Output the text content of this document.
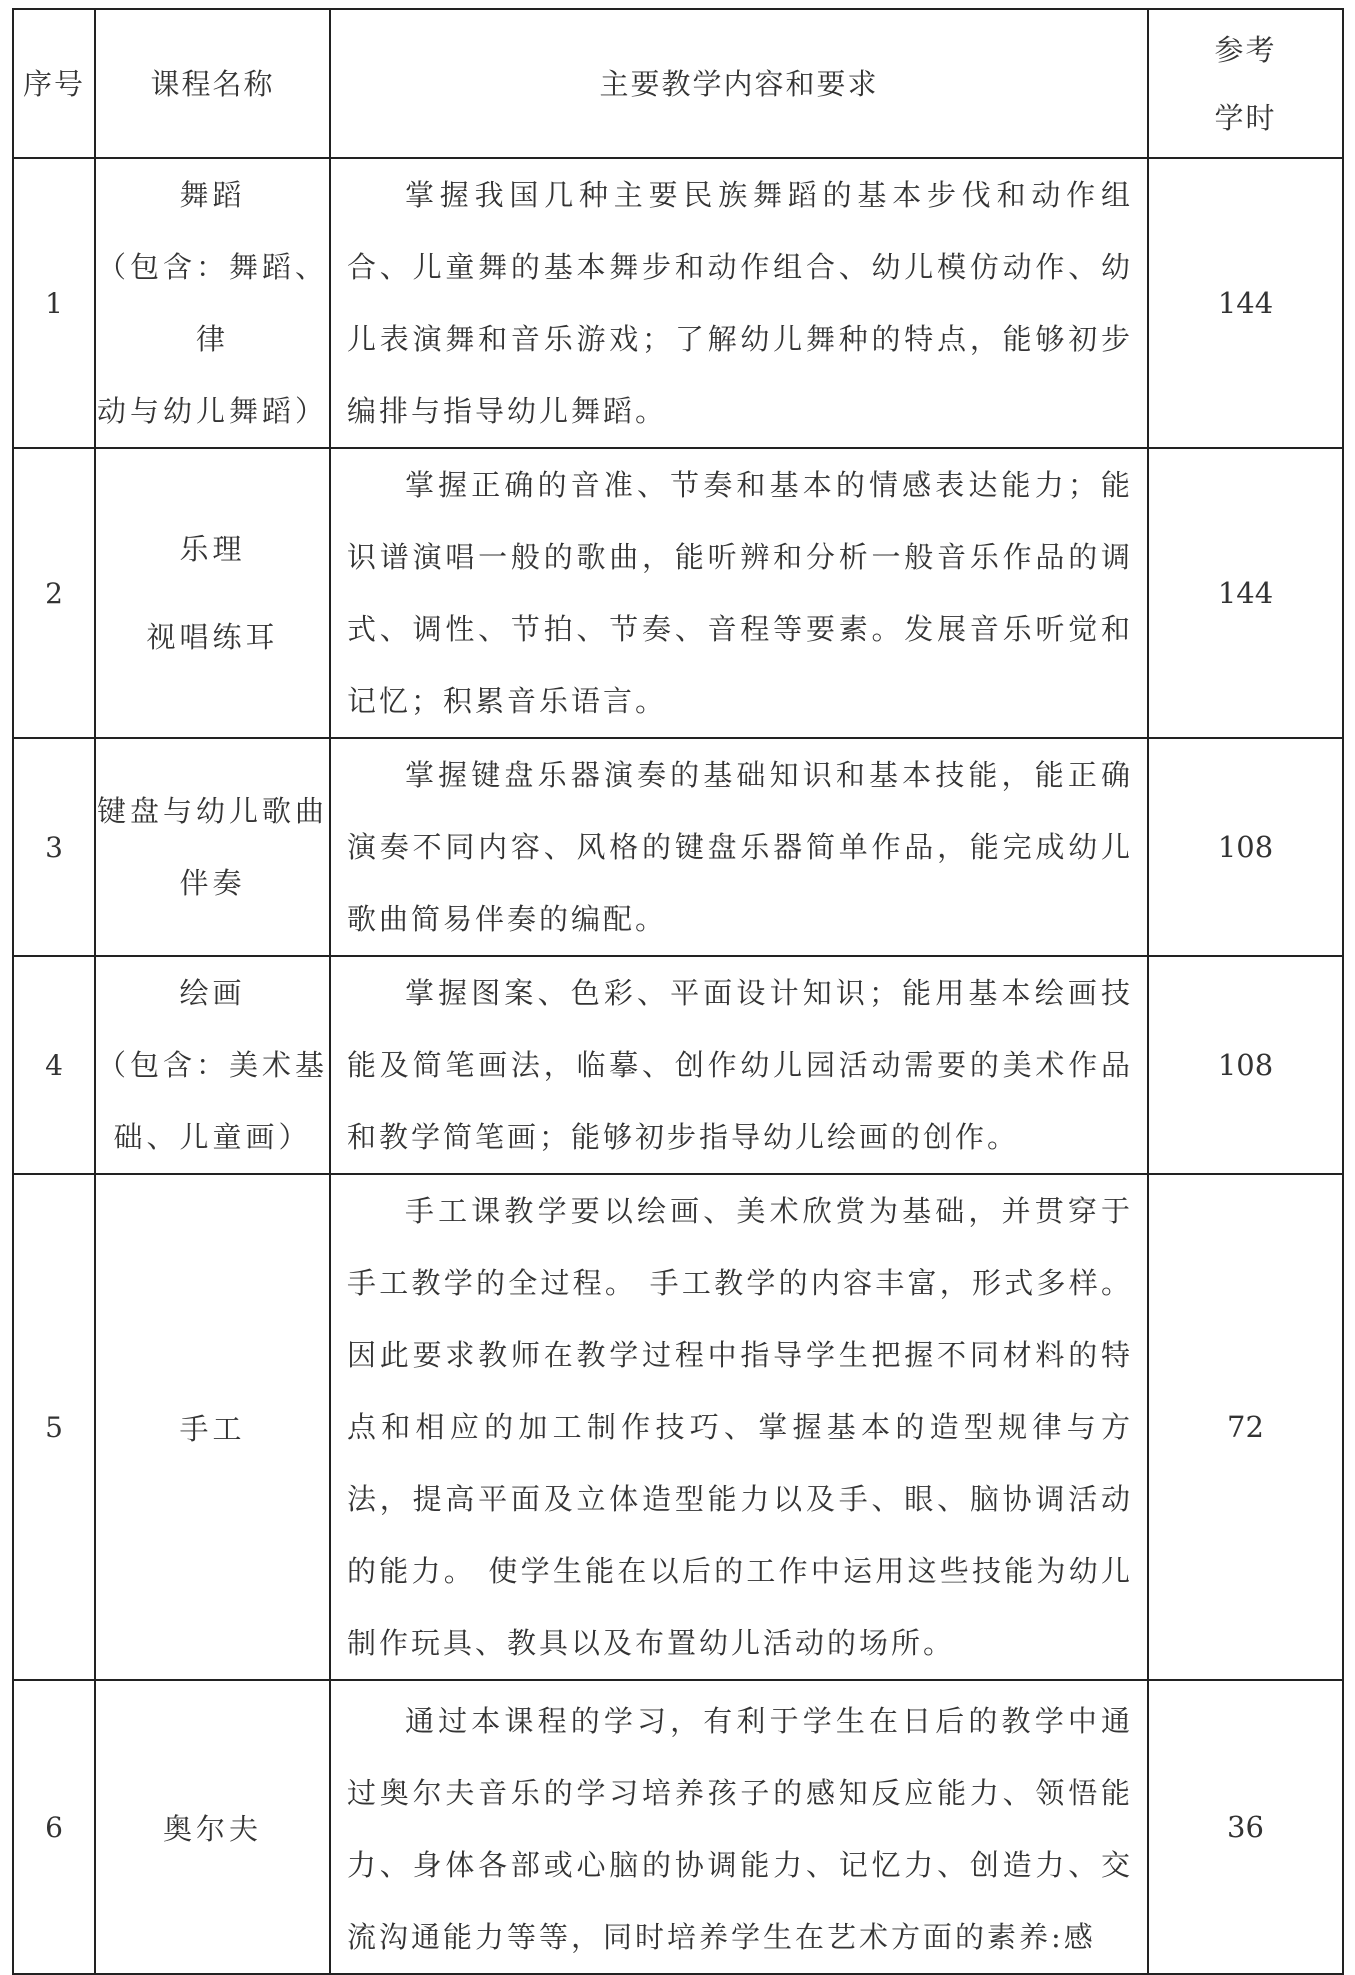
序号	课程名称	主要教学内容和要求	参考
学时

1	舞蹈
（包含：舞蹈、律
动与幼儿舞蹈）	掌握我国几种主要民族舞蹈的基本步伐和动作组合、儿童舞的基本舞步和动作组合、幼儿模仿动作、幼儿表演舞和音乐游戏；了解幼儿舞种的特点，能够初步编排与指导幼儿舞蹈。	144
2	乐理
视唱练耳	掌握正确的音准、节奏和基本的情感表达能力；能识谱演唱一般的歌曲，能听辨和分析一般音乐作品的调式、调性、节拍、节奏、音程等要素。发展音乐听觉和记忆；积累音乐语言。	144
3	键盘与幼儿歌曲
伴奏	掌握键盘乐器演奏的基础知识和基本技能，能正确演奏不同内容、风格的键盘乐器简单作品，能完成幼儿歌曲简易伴奏的编配。	108
4	绘画
（包含：美术基
础、儿童画）	掌握图案、色彩、平面设计知识；能用基本绘画技能及简笔画法，临摹、创作幼儿园活动需要的美术作品和教学简笔画；能够初步指导幼儿绘画的创作。	108
5	手工	手工课教学要以绘画、美术欣赏为基础，并贯穿于手工教学的全过程。 手工教学的内容丰富，形式多样。因此要求教师在教学过程中指导学生把握不同材料的特点和相应的加工制作技巧、掌握基本的造型规律与方法，提高平面及立体造型能力以及手、眼、脑协调活动的能力。 使学生能在以后的工作中运用这些技能为幼儿制作玩具、教具以及布置幼儿活动的场所。	72
6	奥尔夫	通过本课程的学习，有利于学生在日后的教学中通过奥尔夫音乐的学习培养孩子的感知反应能力、领悟能力、身体各部或心脑的协调能力、记忆力、创造力、交流沟通能力等等，同时培养学生在艺术方面的素养:感	36
